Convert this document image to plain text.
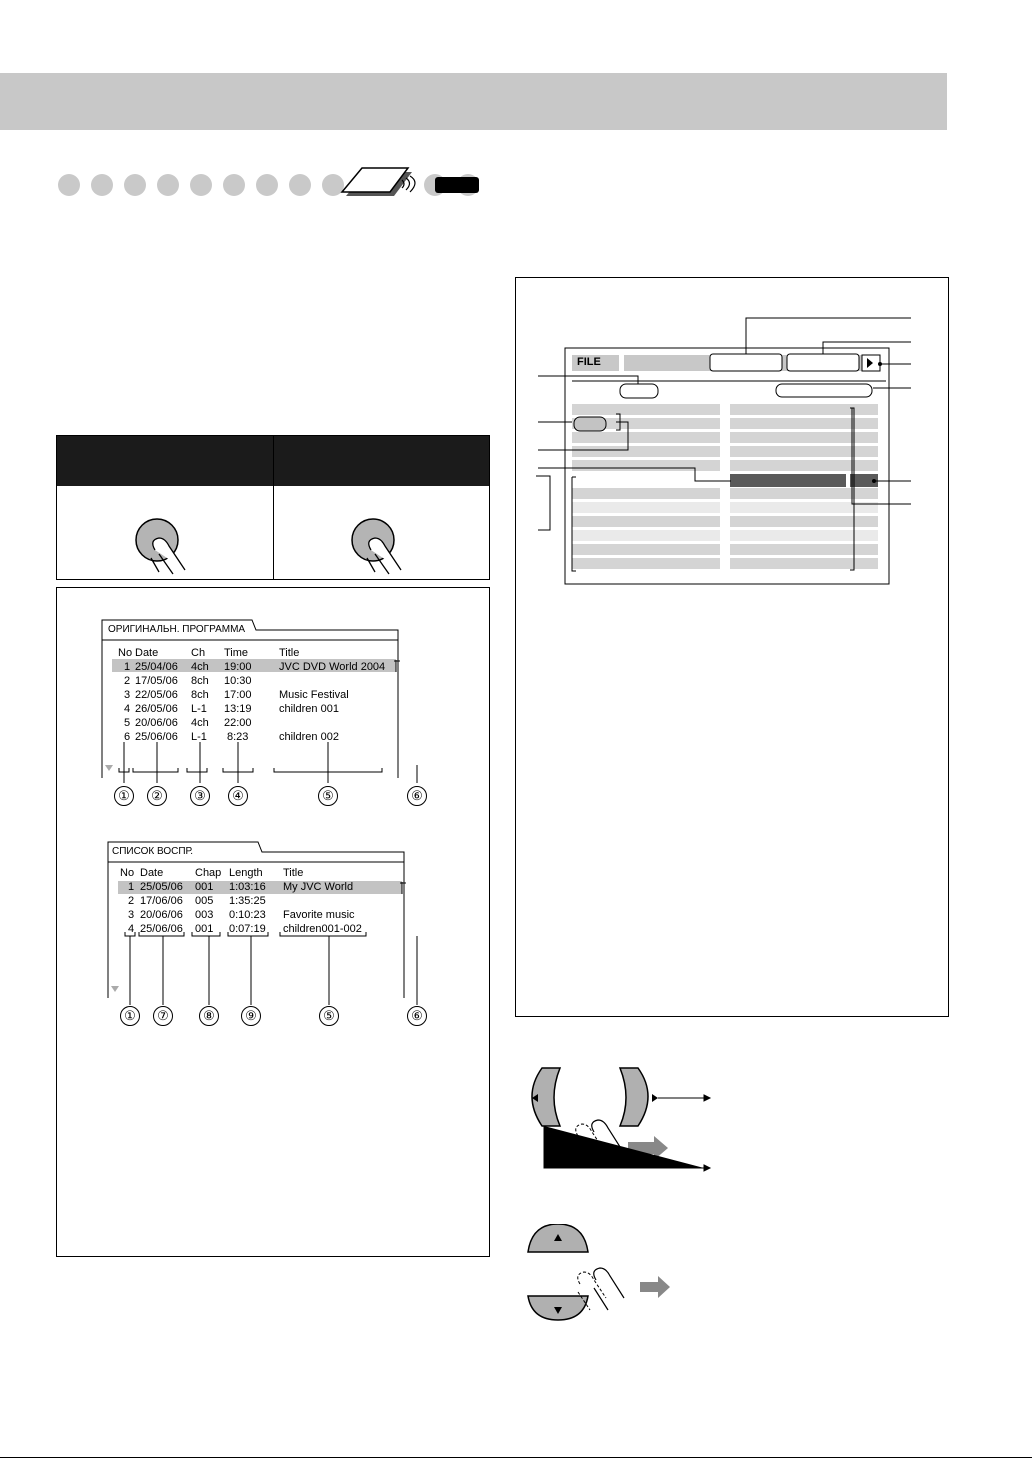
ОРИГИНАЛЬН. ПРОГРАММА
No Date	Ch Time	Title
1 25/04/06 4ch 19:00 JVC DVD World 2004
2 17/05/06 8ch 10:30
3 22/05/06 8ch 17:00 Music Festival
4 26/05/06 L-1 13:19 children 001
5 20/06/06 4ch 22:00
6 25/06/06 L-1 8:23	children 002
①	②	③	④	⑤	⑥
СПИСОК ВОСПР.
No Date	Chap Length Title
1 25/05/06 001 1:03:16 My JVC World
2 17/06/06 005 1:35:25
3 20/06/06 003 0:10:23 Favorite music
4 25/06/06 001 0:07:19 children001-002
①	⑦	⑧	⑨	⑤	⑥
FILE
